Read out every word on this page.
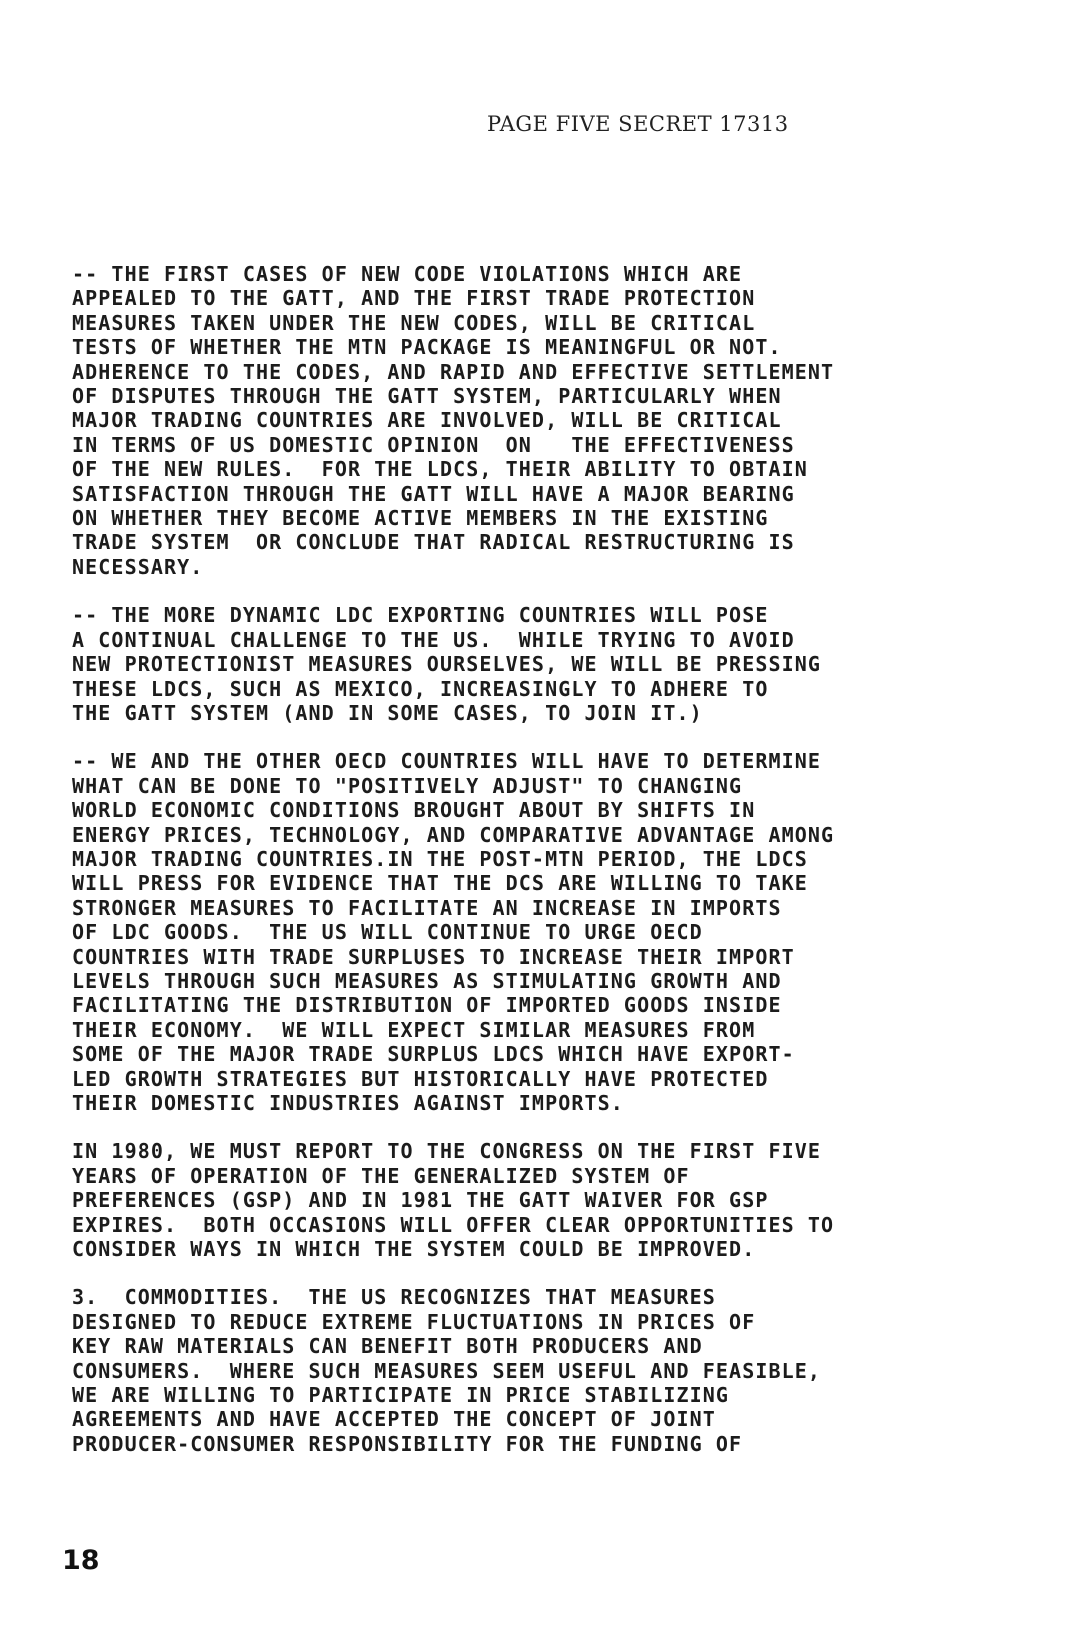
PAGE FIVE SECRET 17313
-- THE FIRST CASES OF NEW CODE VIOLATIONS WHICH ARE
APPEALED TO THE GATT, AND THE FIRST TRADE PROTECTION
MEASURES TAKEN UNDER THE NEW CODES, WILL BE CRITICAL
TESTS OF WHETHER THE MTN PACKAGE IS MEANINGFUL OR NOT.
ADHERENCE TO THE CODES, AND RAPID AND EFFECTIVE SETTLEMENT
OF DISPUTES THROUGH THE GATT SYSTEM, PARTICULARLY WHEN
MAJOR TRADING COUNTRIES ARE INVOLVED, WILL BE CRITICAL
IN TERMS OF US DOMESTIC OPINION  ON   THE EFFECTIVENESS
OF THE NEW RULES.  FOR THE LDCS, THEIR ABILITY TO OBTAIN
SATISFACTION THROUGH THE GATT WILL HAVE A MAJOR BEARING
ON WHETHER THEY BECOME ACTIVE MEMBERS IN THE EXISTING
TRADE SYSTEM  OR CONCLUDE THAT RADICAL RESTRUCTURING IS
NECESSARY.
-- THE MORE DYNAMIC LDC EXPORTING COUNTRIES WILL POSE
A CONTINUAL CHALLENGE TO THE US.  WHILE TRYING TO AVOID
NEW PROTECTIONIST MEASURES OURSELVES, WE WILL BE PRESSING
THESE LDCS, SUCH AS MEXICO, INCREASINGLY TO ADHERE TO
THE GATT SYSTEM (AND IN SOME CASES, TO JOIN IT.)
-- WE AND THE OTHER OECD COUNTRIES WILL HAVE TO DETERMINE
WHAT CAN BE DONE TO "POSITIVELY ADJUST" TO CHANGING
WORLD ECONOMIC CONDITIONS BROUGHT ABOUT BY SHIFTS IN
ENERGY PRICES, TECHNOLOGY, AND COMPARATIVE ADVANTAGE AMONG
MAJOR TRADING COUNTRIES.IN THE POST-MTN PERIOD, THE LDCS
WILL PRESS FOR EVIDENCE THAT THE DCS ARE WILLING TO TAKE
STRONGER MEASURES TO FACILITATE AN INCREASE IN IMPORTS
OF LDC GOODS.  THE US WILL CONTINUE TO URGE OECD
COUNTRIES WITH TRADE SURPLUSES TO INCREASE THEIR IMPORT
LEVELS THROUGH SUCH MEASURES AS STIMULATING GROWTH AND
FACILITATING THE DISTRIBUTION OF IMPORTED GOODS INSIDE
THEIR ECONOMY.  WE WILL EXPECT SIMILAR MEASURES FROM
SOME OF THE MAJOR TRADE SURPLUS LDCS WHICH HAVE EXPORT-
LED GROWTH STRATEGIES BUT HISTORICALLY HAVE PROTECTED
THEIR DOMESTIC INDUSTRIES AGAINST IMPORTS.
IN 1980, WE MUST REPORT TO THE CONGRESS ON THE FIRST FIVE
YEARS OF OPERATION OF THE GENERALIZED SYSTEM OF
PREFERENCES (GSP) AND IN 1981 THE GATT WAIVER FOR GSP
EXPIRES.  BOTH OCCASIONS WILL OFFER CLEAR OPPORTUNITIES TO
CONSIDER WAYS IN WHICH THE SYSTEM COULD BE IMPROVED.
3.  COMMODITIES.  THE US RECOGNIZES THAT MEASURES
DESIGNED TO REDUCE EXTREME FLUCTUATIONS IN PRICES OF
KEY RAW MATERIALS CAN BENEFIT BOTH PRODUCERS AND
CONSUMERS.  WHERE SUCH MEASURES SEEM USEFUL AND FEASIBLE,
WE ARE WILLING TO PARTICIPATE IN PRICE STABILIZING
AGREEMENTS AND HAVE ACCEPTED THE CONCEPT OF JOINT
PRODUCER-CONSUMER RESPONSIBILITY FOR THE FUNDING OF
18
